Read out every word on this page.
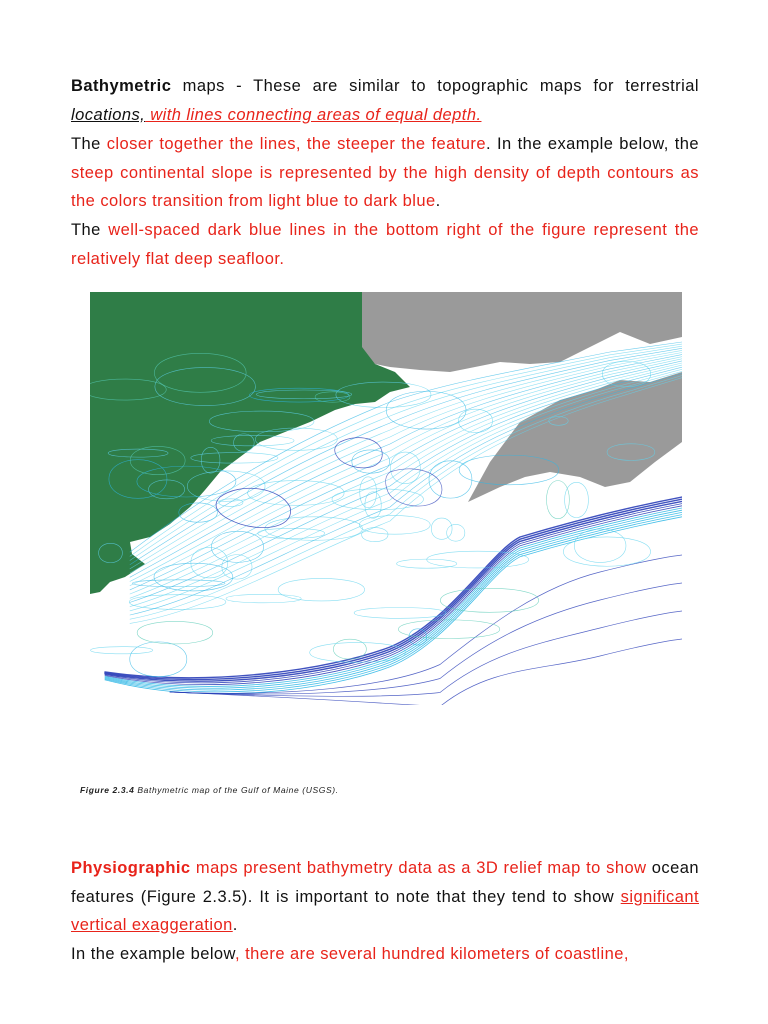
Bathymetric maps - These are similar to topographic maps for terrestrial locations, with lines connecting areas of equal depth.

The closer together the lines, the steeper the feature. In the example below, the steep continental slope is represented by the high density of depth contours as the colors transition from light blue to dark blue.

The well-spaced dark blue lines in the bottom right of the figure represent the relatively flat deep seafloor.

Figure 2.3.4 Bathymetric map of the Gulf of Maine (USGS).

Physiographic maps present bathymetry data as a 3D relief map to show ocean features (Figure 2.3.5). It is important to note that they tend to show significant vertical exaggeration.

In the example below, there are several hundred kilometers of coastline,
